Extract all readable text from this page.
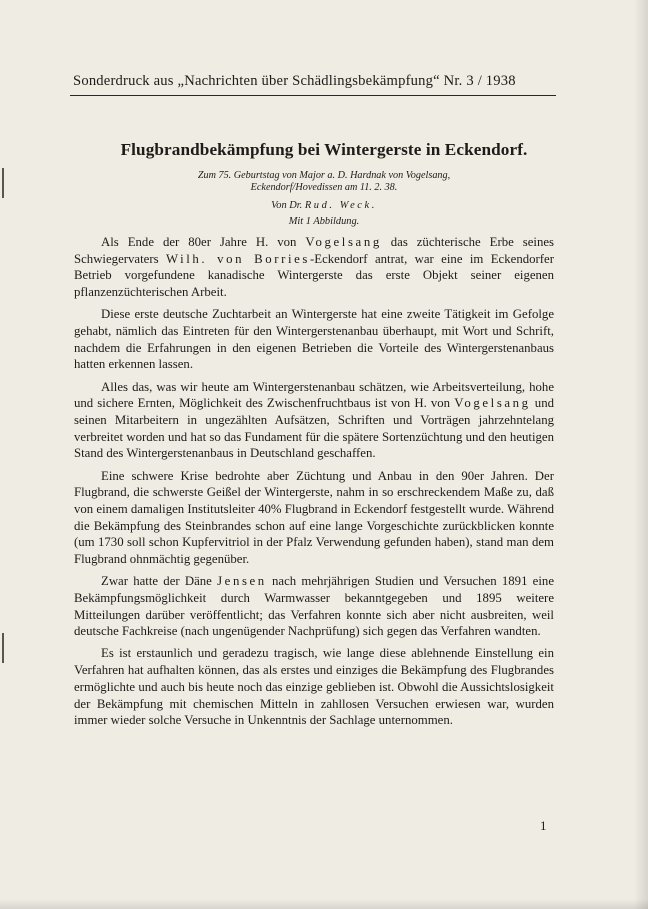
Sonderdruck aus „Nachrichten über Schädlingsbekämpfung“ Nr. 3 / 1938
Flugbrandbekämpfung bei Wintergerste in Eckendorf.
Zum 75. Geburtstag von Major a. D. Hardnak von Vogelsang,
Eckendorf/Hovedissen am 11. 2. 38.
Von Dr. Rud. Weck.
Mit 1 Abbildung.

Als Ende der 80er Jahre H. von Vogelsang das züchterische Erbe seines Schwiegervaters Wilh. von Borries-Eckendorf antrat, war eine im Eckendorfer Betrieb vorgefundene kanadische Wintergerste das erste Objekt seiner eigenen pflanzenzüchterischen Arbeit.

Diese erste deutsche Zuchtarbeit an Wintergerste hat eine zweite Tätigkeit im Gefolge gehabt, nämlich das Eintreten für den Wintergerstenanbau überhaupt, mit Wort und Schrift, nachdem die Erfahrungen in den eigenen Betrieben die Vorteile des Wintergerstenanbaus hatten erkennen lassen.

Alles das, was wir heute am Wintergerstenanbau schätzen, wie Arbeitsverteilung, hohe und sichere Ernten, Möglichkeit des Zwischenfruchtbaus ist von H. von Vogelsang und seinen Mitarbeitern in ungezählten Aufsätzen, Schriften und Vorträgen jahrzehntelang verbreitet worden und hat so das Fundament für die spätere Sortenzüchtung und den heutigen Stand des Wintergerstenanbaus in Deutschland geschaffen.

Eine schwere Krise bedrohte aber Züchtung und Anbau in den 90er Jahren. Der Flugbrand, die schwerste Geißel der Wintergerste, nahm in so erschreckendem Maße zu, daß von einem damaligen Institutsleiter 40% Flugbrand in Eckendorf festgestellt wurde. Während die Bekämpfung des Steinbrandes schon auf eine lange Vorgeschichte zurückblicken konnte (um 1730 soll schon Kupfervitriol in der Pfalz Verwendung gefunden haben), stand man dem Flugbrand ohnmächtig gegenüber.

Zwar hatte der Däne Jensen nach mehrjährigen Studien und Versuchen 1891 eine Bekämpfungsmöglichkeit durch Warmwasser bekanntgegeben und 1895 weitere Mitteilungen darüber veröffentlicht; das Verfahren konnte sich aber nicht ausbreiten, weil deutsche Fachkreise (nach ungenügender Nachprüfung) sich gegen das Verfahren wandten.

Es ist erstaunlich und geradezu tragisch, wie lange diese ablehnende Einstellung ein Verfahren hat aufhalten können, das als erstes und einziges die Bekämpfung des Flugbrandes ermöglichte und auch bis heute noch das einzige geblieben ist. Obwohl die Aussichtslosigkeit der Bekämpfung mit chemischen Mitteln in zahllosen Versuchen erwiesen war, wurden immer wieder solche Versuche in Unkenntnis der Sachlage unternommen.

1
